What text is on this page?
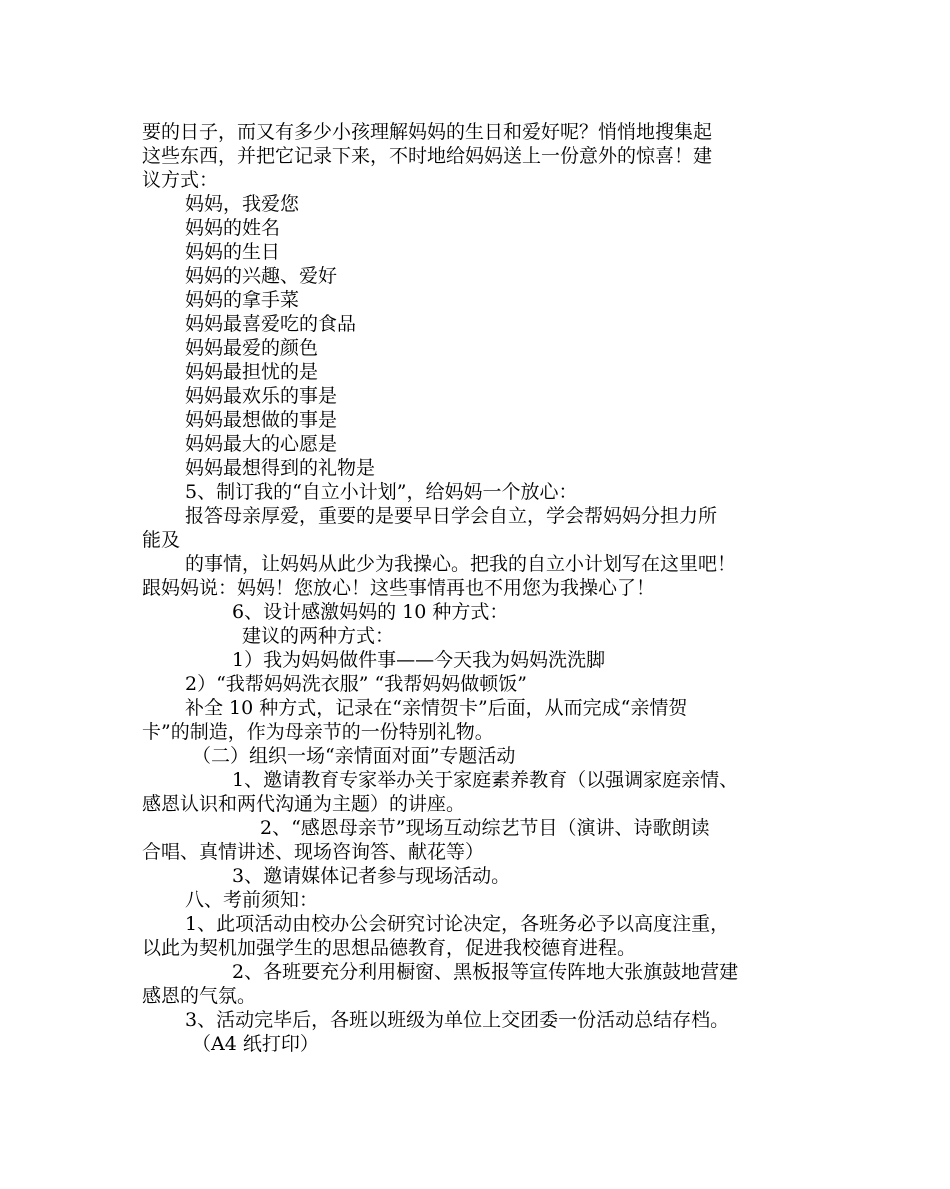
要的日子，而又有多少小孩理解妈妈的生日和爱好呢？悄悄地搜集起

这些东西，并把它记录下来，不时地给妈妈送上一份意外的惊喜！建

议方式：

妈妈，我爱您

妈妈的姓名

妈妈的生日

妈妈的兴趣、爱好

妈妈的拿手菜

妈妈最喜爱吃的食品

妈妈最爱的颜色

妈妈最担忧的是

妈妈最欢乐的事是

妈妈最想做的事是

妈妈最大的心愿是

妈妈最想得到的礼物是

5、制订我的“自立小计划”，给妈妈一个放心：

报答母亲厚爱，重要的是要早日学会自立，学会帮妈妈分担力所

能及

的事情，让妈妈从此少为我操心。把我的自立小计划写在这里吧！

跟妈妈说：妈妈！您放心！这些事情再也不用您为我操心了！

6、设计感激妈妈的 10 种方式：

建议的两种方式：

1）我为妈妈做件事——今天我为妈妈洗洗脚

2）“我帮妈妈洗衣服” “我帮妈妈做顿饭”

补全 10 种方式，记录在“亲情贺卡”后面，从而完成“亲情贺

卡”的制造，作为母亲节的一份特别礼物。

（二）组织一场“亲情面对面”专题活动

1、邀请教育专家举办关于家庭素养教育（以强调家庭亲情、

感恩认识和两代沟通为主题）的讲座。

2、“感恩母亲节”现场互动综艺节目（演讲、诗歌朗读

合唱、真情讲述、现场咨询答、献花等）

3、邀请媒体记者参与现场活动。

八、考前须知：

1、此项活动由校办公会研究讨论决定，各班务必予以高度注重，

以此为契机加强学生的思想品德教育，促进我校德育进程。

2、各班要充分利用橱窗、黑板报等宣传阵地大张旗鼓地营建

感恩的气氛。

3、活动完毕后，各班以班级为单位上交团委一份活动总结存档。

（A4 纸打印）
